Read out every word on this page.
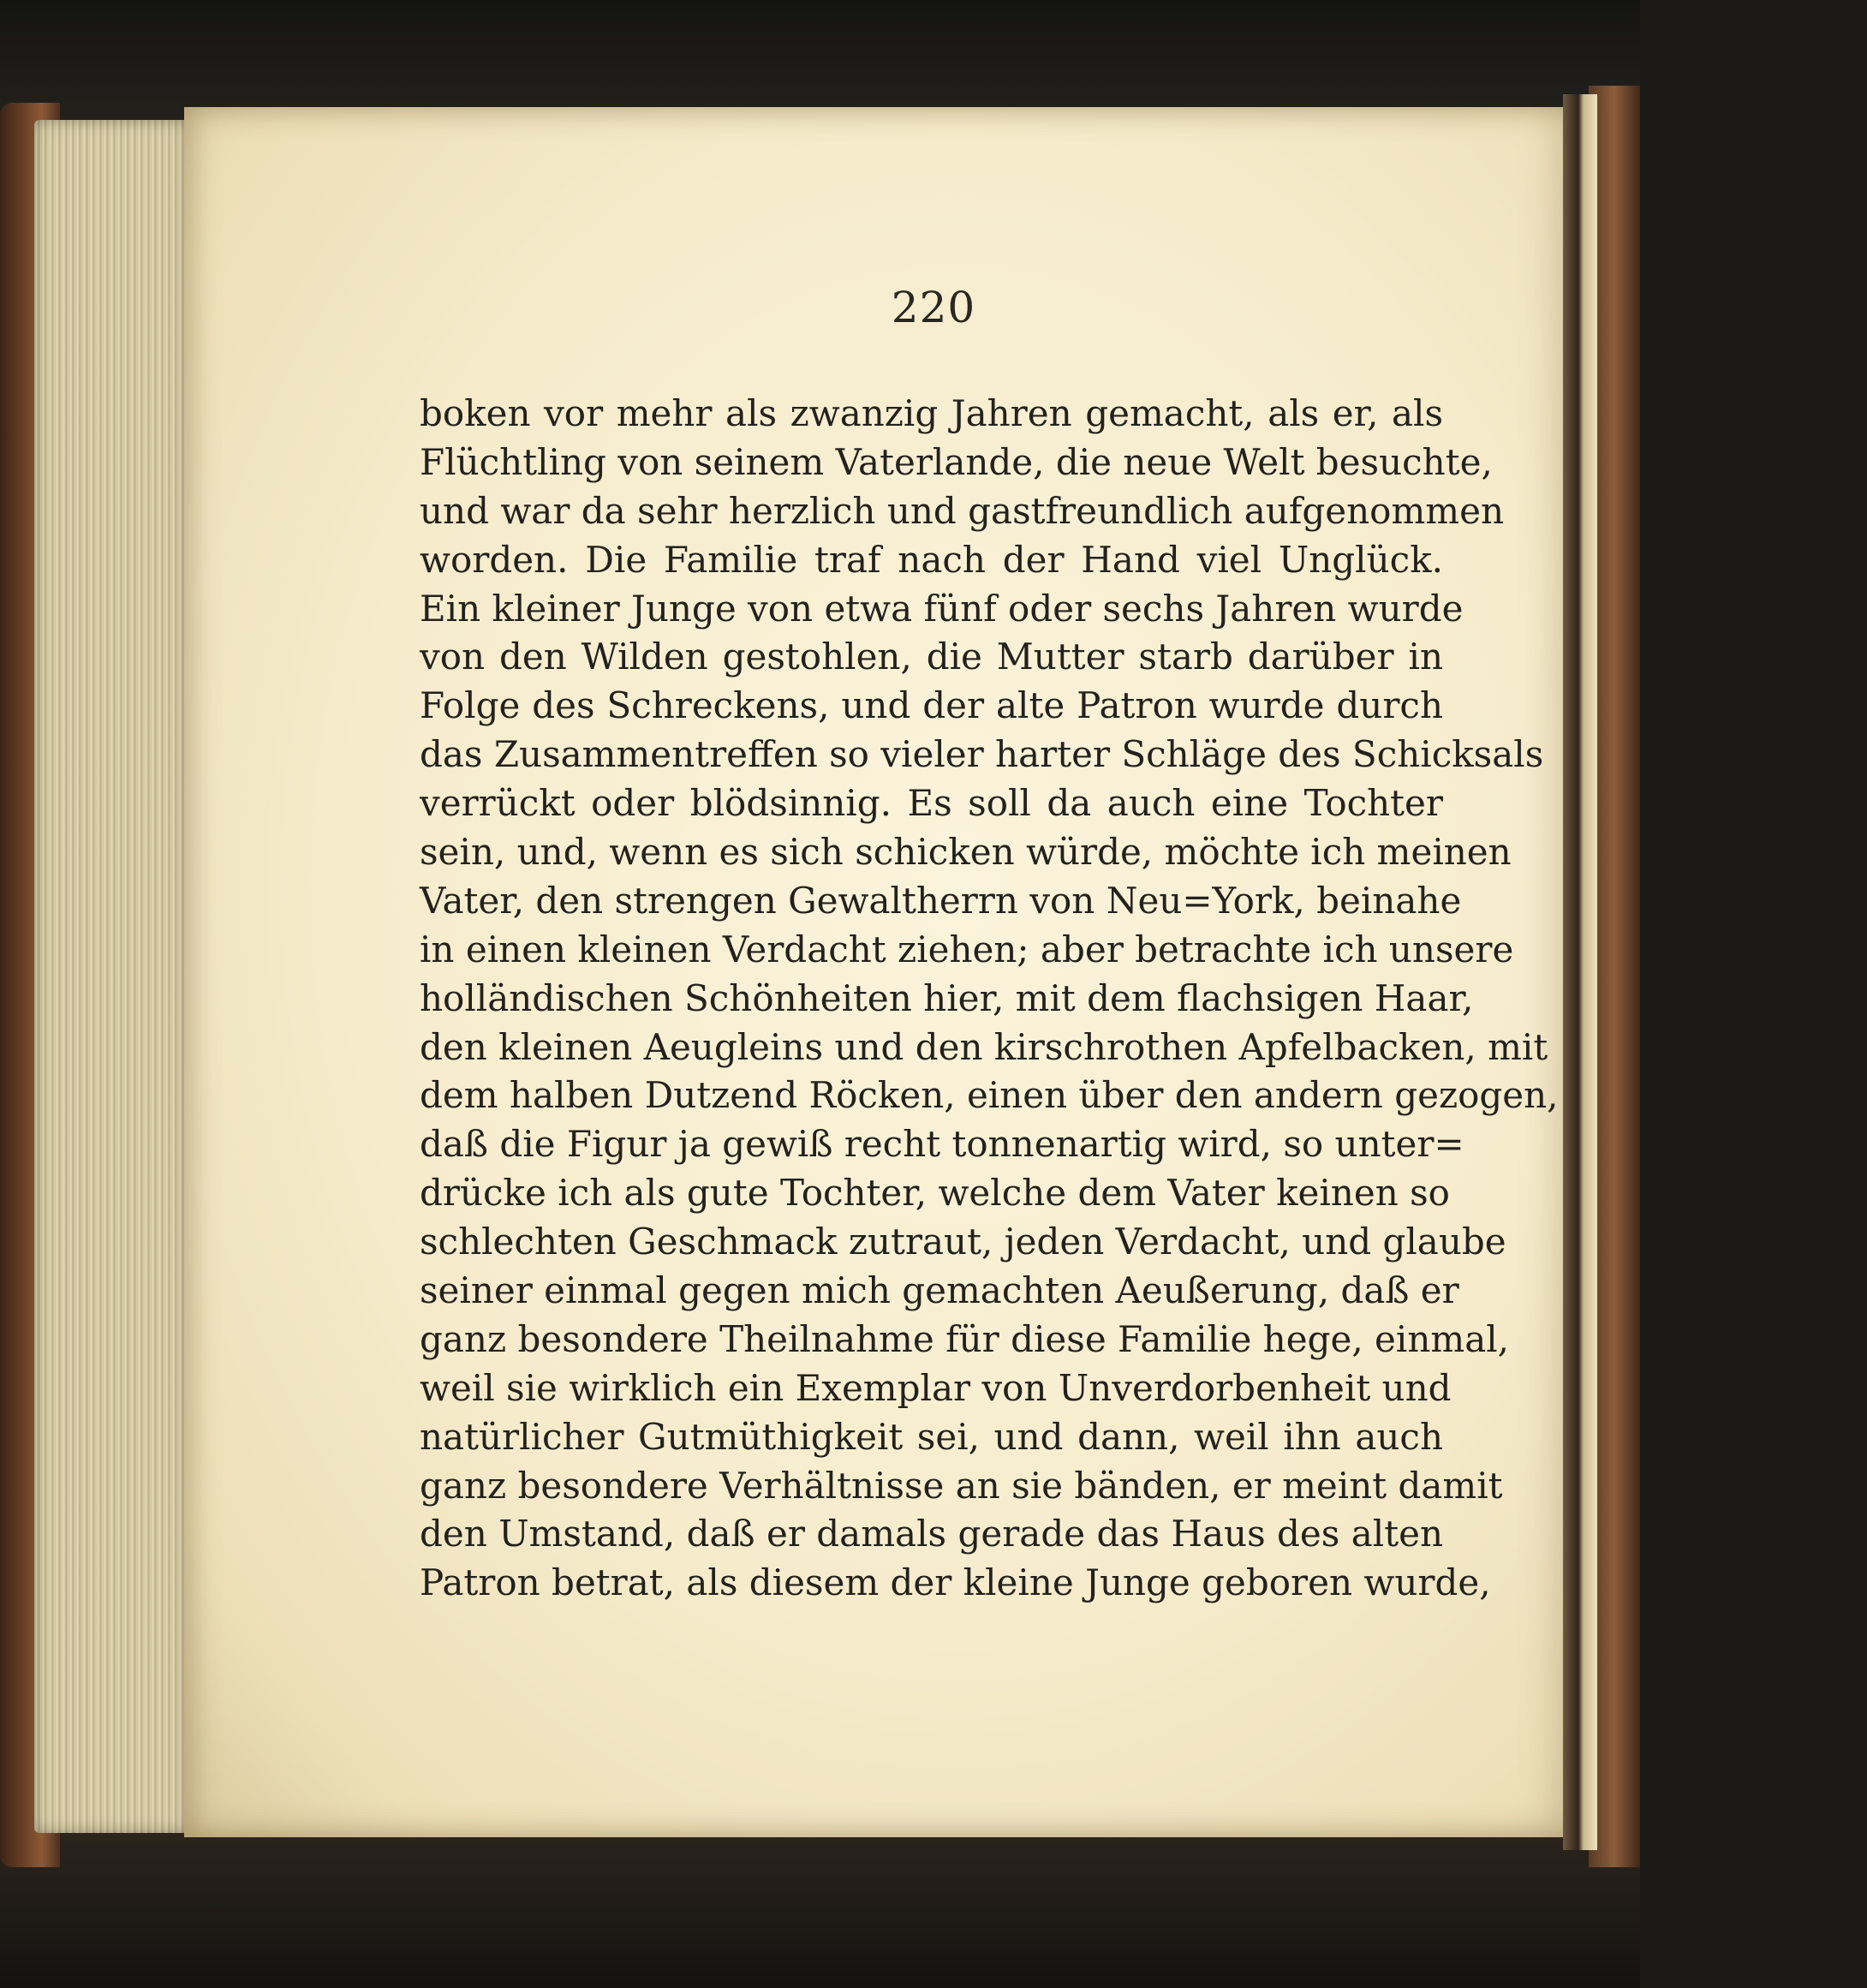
220
boken vor mehr als zwanzig Jahren gemacht, als er, als
Flüchtling von seinem Vaterlande, die neue Welt besuchte,
und war da sehr herzlich und gastfreundlich aufgenommen
worden. Die Familie traf nach der Hand viel Unglück.
Ein kleiner Junge von etwa fünf oder sechs Jahren wurde
von den Wilden gestohlen, die Mutter starb darüber in
Folge des Schreckens, und der alte Patron wurde durch
das Zusammentreffen so vieler harter Schläge des Schicksals
verrückt oder blödsinnig. Es soll da auch eine Tochter
sein, und, wenn es sich schicken würde, möchte ich meinen
Vater, den strengen Gewaltherrn von Neu=York, beinahe
in einen kleinen Verdacht ziehen; aber betrachte ich unsere
holländischen Schönheiten hier, mit dem flachsigen Haar,
den kleinen Aeugleins und den kirschrothen Apfelbacken, mit
dem halben Dutzend Röcken, einen über den andern gezogen,
daß die Figur ja gewiß recht tonnenartig wird, so unter=
drücke ich als gute Tochter, welche dem Vater keinen so
schlechten Geschmack zutraut, jeden Verdacht, und glaube
seiner einmal gegen mich gemachten Aeußerung, daß er
ganz besondere Theilnahme für diese Familie hege, einmal,
weil sie wirklich ein Exemplar von Unverdorbenheit und
natürlicher Gutmüthigkeit sei, und dann, weil ihn auch
ganz besondere Verhältnisse an sie bänden, er meint damit
den Umstand, daß er damals gerade das Haus des alten
Patron betrat, als diesem der kleine Junge geboren wurde,
